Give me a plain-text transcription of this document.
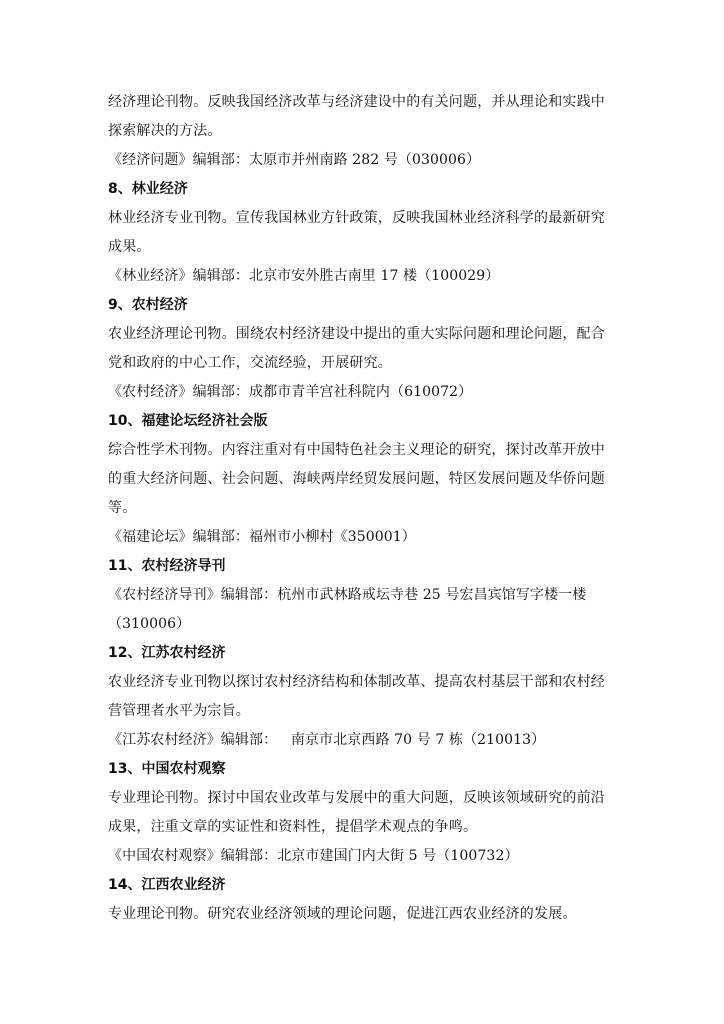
经济理论刊物。反映我国经济改革与经济建设中的有关问题，并从理论和实践中
探索解决的方法。
《经济问题》编辑部：太原市并州南路 282 号（030006）
8、林业经济
林业经济专业刊物。宣传我国林业方针政策，反映我国林业经济科学的最新研究
成果。
《林业经济》编辑部：北京市安外胜古南里 17 楼（100029）
9、农村经济
农业经济理论刊物。围绕农村经济建设中提出的重大实际问题和理论问题，配合
党和政府的中心工作，交流经验，开展研究。
《农村经济》编辑部：成都市青羊宫社科院内（610072）
10、福建论坛经济社会版
综合性学术刊物。内容注重对有中国特色社会主义理论的研究，探讨改革开放中
的重大经济问题、社会问题、海峡两岸经贸发展问题，特区发展问题及华侨问题
等。
《福建论坛》编辑部：福州市小柳村《350001）
11、农村经济导刊
《农村经济导刊》编辑部：杭州市武林路戒坛寺巷 25 号宏昌宾馆写字楼一楼
（310006）
12、江苏农村经济
农业经济专业刊物以探讨农村经济结构和体制改革、提高农村基层干部和农村经
营管理者水平为宗旨。
《江苏农村经济》编辑部：   南京市北京西路 70 号 7 栋（210013）
13、中国农村观察
专业理论刊物。探讨中国农业改革与发展中的重大问题，反映该领域研究的前沿
成果，注重文章的实证性和资料性，提倡学术观点的争鸣。
《中国农村观察》编辑部：北京市建国门内大街 5 号（100732）
14、江西农业经济
专业理论刊物。研究农业经济领域的理论问题，促进江西农业经济的发展。
